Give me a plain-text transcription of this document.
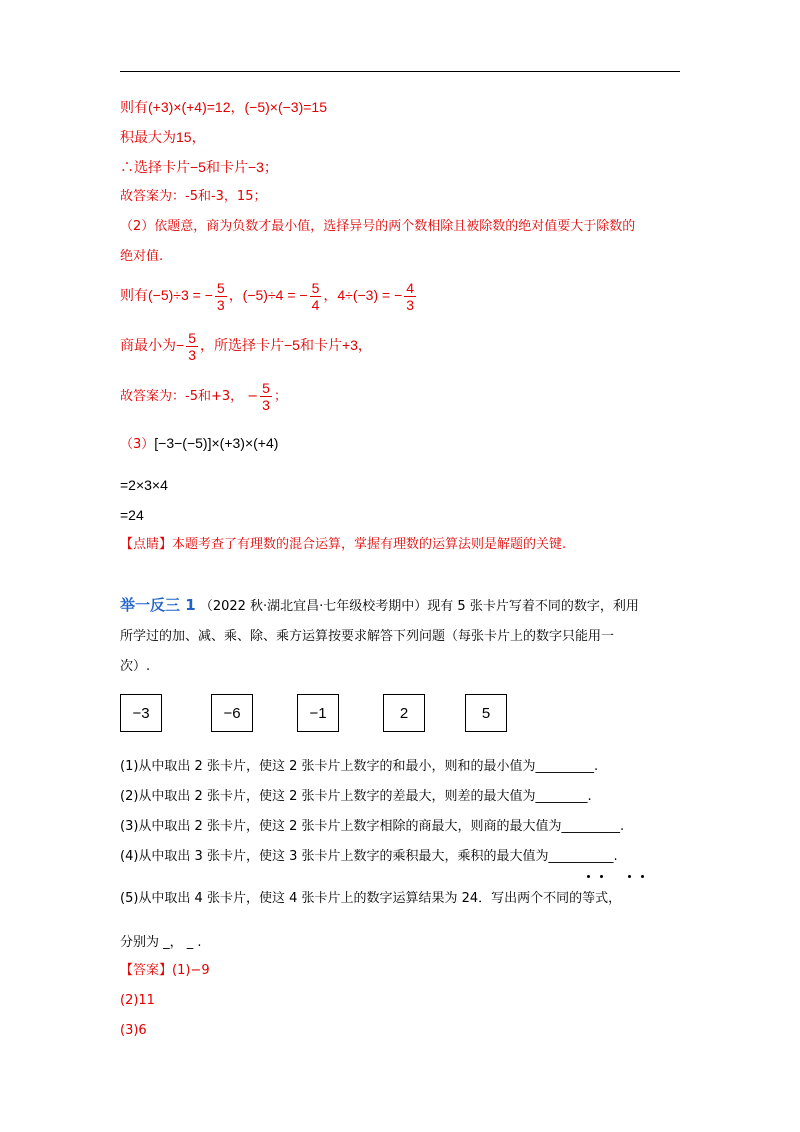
则有(+3)×(+4)=12，(−5)×(−3)=15
积最大为15，
∴选择卡片−5和卡片−3；
故答案为：-5和-3，15；
（2）依题意，商为负数才最小值，选择异号的两个数相除且被除数的绝对值要大于除数的
绝对值.
则有(−5)÷3 = − $\frac{5}{3}$ ，(−5)÷4 = − $\frac{5}{4}$ ，4÷(−3) = − $\frac{4}{3}$
商最小为− $\frac{5}{3}$ ，所选择卡片−5和卡片+3，
故答案为：-5和+3， − $\frac{5}{3}$ ；
（3）[−3−(−5)]×(+3)×(+4)
=2×3×4
=24
【点睛】本题考查了有理数的混合运算，掌握有理数的运算法则是解题的关键.
举一反三 1 （2022 秋·湖北宜昌·七年级校考期中）现有 5 张卡片写着不同的数字，利用
所学过的加、减、乘、除、乘方运算按要求解答下列问题（每张卡片上的数字只能用一
次）.
−3	−6	−1	2	5
(1)从中取出 2 张卡片，使这 2 张卡片上数字的和最小，则和的最小值为_________.
(2)从中取出 2 张卡片，使这 2 张卡片上数字的差最大，则差的最大值为________.
(3)从中取出 2 张卡片，使这 2 张卡片上数字相除的商最大，则商的最大值为_________.
(4)从中取出 3 张卡片，使这 3 张卡片上数字的乘积最大，乘积的最大值为__________.
(5)从中取出 4 张卡片，使这 4 张卡片上的数字运算结果为 24．写出两个不同的等式，
分别为 _， _ .
【答案】(1)−9
(2)11
(3)6
